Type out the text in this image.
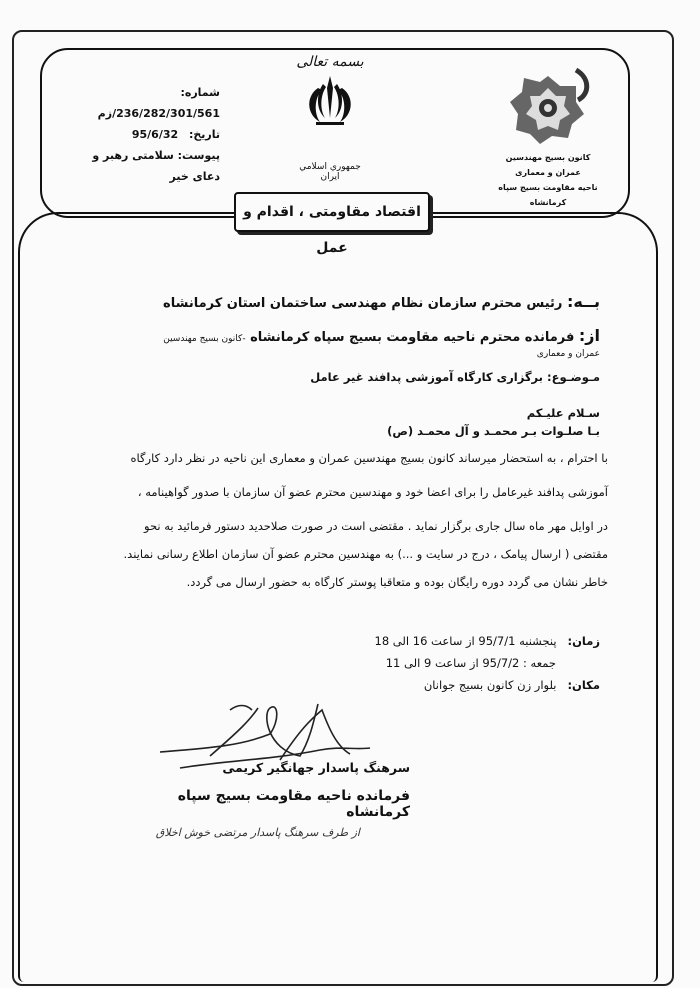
شماره: 236/282/301/561/زم
تاریخ: 95/6/32
پیوست: سلامتی رهبر و دعای خیر
بسمه تعالی
جمهوري اسلامي ايران
کانون بسیج مهندسین عمران و معماری
ناحیه مقاومت بسیج سپاه کرمانشاه
اقتصاد مقاومتی ، اقدام و عمل
بــه: رئیس محترم سازمان نظام مهندسی ساختمان استان کرمانشاه
از: فرمانده محترم ناحیه مقاومت بسیج سپاه کرمانشاه -کانون بسیج مهندسین عمران و معماری
مـوضـوع: برگزاری کارگاه آموزشی پدافند غیر عامل
سـلام علیـکم
بـا صلـوات بـر محمـد و آل محمـد (ص)
با احترام ، به استحضار میرساند کانون بسیج مهندسین عمران و معماری این ناحیه در نظر دارد کارگاه
آموزشی پدافند غیرعامل را برای اعضا خود و مهندسین محترم عضو آن سازمان با صدور گواهینامه ،
در اوایل مهر ماه سال جاری برگزار نماید . مقتضی است در صورت صلاحدید دستور فرمائید به نحو
مقتضی ( ارسال پیامک ، درج در سایت و ...) به مهندسین محترم عضو آن سازمان اطلاع رسانی نمایند.
خاطر نشان می گردد دوره رایگان بوده و متعاقبا پوستر کارگاه به حضور ارسال می گردد.
زمان:   پنجشنبه 95/7/1 از ساعت 16 الی 18
جمعه : 95/7/2 از ساعت 9 الی 11
مکان:   بلوار زن کانون بسیج جوانان
سرهنگ پاسدار جهانگیر کریمی
فرمانده ناحیه مقاومت بسیج سپاه کرمانشاه
از طرف سرهنگ پاسدار مرتضی خوش اخلاق
